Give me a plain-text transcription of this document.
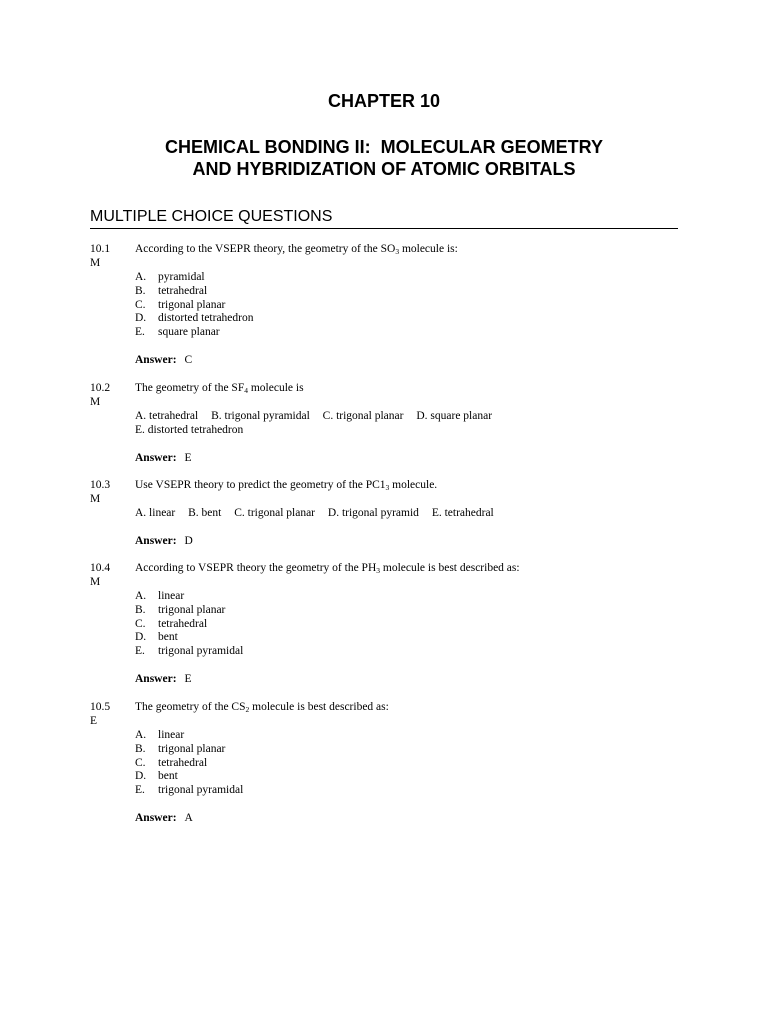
CHAPTER 10
CHEMICAL BONDING II:  MOLECULAR GEOMETRY
AND HYBRIDIZATION OF ATOMIC ORBITALS
MULTIPLE CHOICE QUESTIONS
10.1
M
According to the VSEPR theory, the geometry of the $SO_3$ molecule is:
A. pyramidal
B. tetrahedral
C. trigonal planar
D. distorted tetrahedron
E. square planar
Answer: C
10.2
M
The geometry of the $SF_4$ molecule is
A. tetrahedral B. trigonal pyramidal C. trigonal planar D. square planar
E. distorted tetrahedron
Answer: E
10.3
M
Use VSEPR theory to predict the geometry of the $PC1_3$ molecule.
A. linear B. bent C. trigonal planar D. trigonal pyramid E. tetrahedral
Answer: D
10.4
M
According to VSEPR theory the geometry of the $PH_3$ molecule is best described as:
A. linear
B. trigonal planar
C. tetrahedral
D. bent
E. trigonal pyramidal
Answer: E
10.5
E
The geometry of the $CS_2$ molecule is best described as:
A. linear
B. trigonal planar
C. tetrahedral
D. bent
E. trigonal pyramidal
Answer: A
